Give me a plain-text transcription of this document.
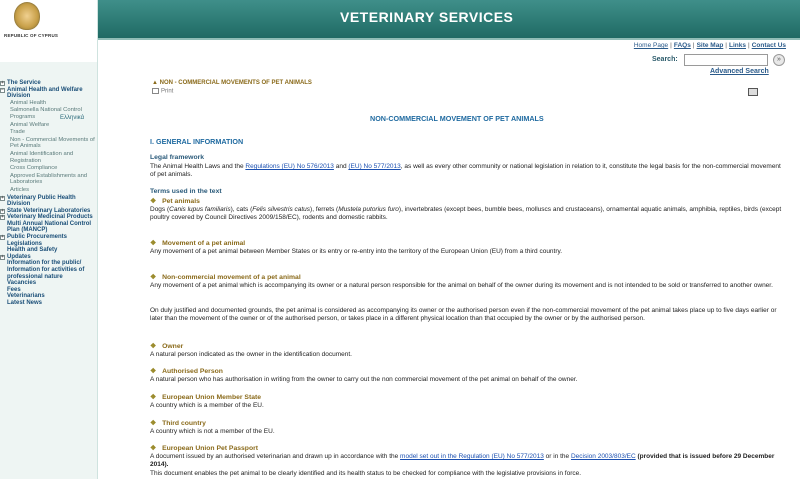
VETERINARY SERVICES
REPUBLIC OF CYPRUS
Ελληνικά
+ The Service
− Animal Health and Welfare Division
Animal Health
Salmonella National Control Programs
Animal Welfare
Trade
Non - Commercial Movements of Pet Animals
Animal Identification and Registration
Cross Compliance
Approved Establishments and Laboratories
Articles
+ Veterinary Public Health Division
+ State Veterinary Laboratories
+ Veterinary Medicinal Products
Multi Annual National Control Plan (MANCP)
+ Public Procurements
Legislations
Health and Safety
+ Updates
Information for the public/ Information for activities of professional nature
Vacancies
Fees
Veterinarians
Latest News
Home Page | FAQs | Site Map | Links | Contact Us
Search:	»
Advanced Search
▲ NON - COMMERCIAL MOVEMENTS OF PET ANIMALS
Print
NON-COMMERCIAL MOVEMENT OF PET ANIMALS
I. GENERAL INFORMATION
Legal framework
The Animal Health Laws and the Regulations (EU) No 576/2013 and (EU) No 577/2013, as well as every other community or national legislation in relation to it, constitute the legal basis for the non-commercial movement of pet animals.
Terms used in the text
❖ Pet animals
Dogs (Canis lupus familiaris), cats (Felis silvestris catus), ferrets (Mustela putorius furo), invertebrates (except bees, bumble bees, molluscs and crustaceans), ornamental aquatic animals, amphibia, reptiles, birds (except poultry covered by Council Directives 2009/158/EC), rodents and domestic rabbits.
❖ Movement of a pet animal
Any movement of a pet animal between Member States or its entry or re-entry into the territory of the European Union (EU) from a third country.
❖ Non-commercial movement of a pet animal
Any movement of a pet animal which is accompanying its owner or a natural person responsible for the animal on behalf of the owner during its movement and is not intended to be sold or transferred to another owner.
On duly justified and documented grounds, the pet animal is considered as accompanying its owner or the authorised person even if the non-commercial movement of the pet animal takes place up to five days earlier or later than the movement of the owner or of the authorised person, or takes place in a different physical location than that occupied by the owner or by the authorised person.
❖ Owner
A natural person indicated as the owner in the identification document.
❖ Authorised Person
A natural person who has authorisation in writing from the owner to carry out the non commercial movement of the pet animal on behalf of the owner.
❖ European Union Member State
A country which is a member of the EU.
❖ Third country
A country which is not a member of the EU.
❖ European Union Pet Passport
A document issued by an authorised veterinarian and drawn up in accordance with the model set out in the Regulation (EU) No 577/2013 or in the Decision 2003/803/EC (provided that is issued before 29 December 2014).
This document enables the pet animal to be clearly identified and its health status to be checked for compliance with the legislative provisions in force.
